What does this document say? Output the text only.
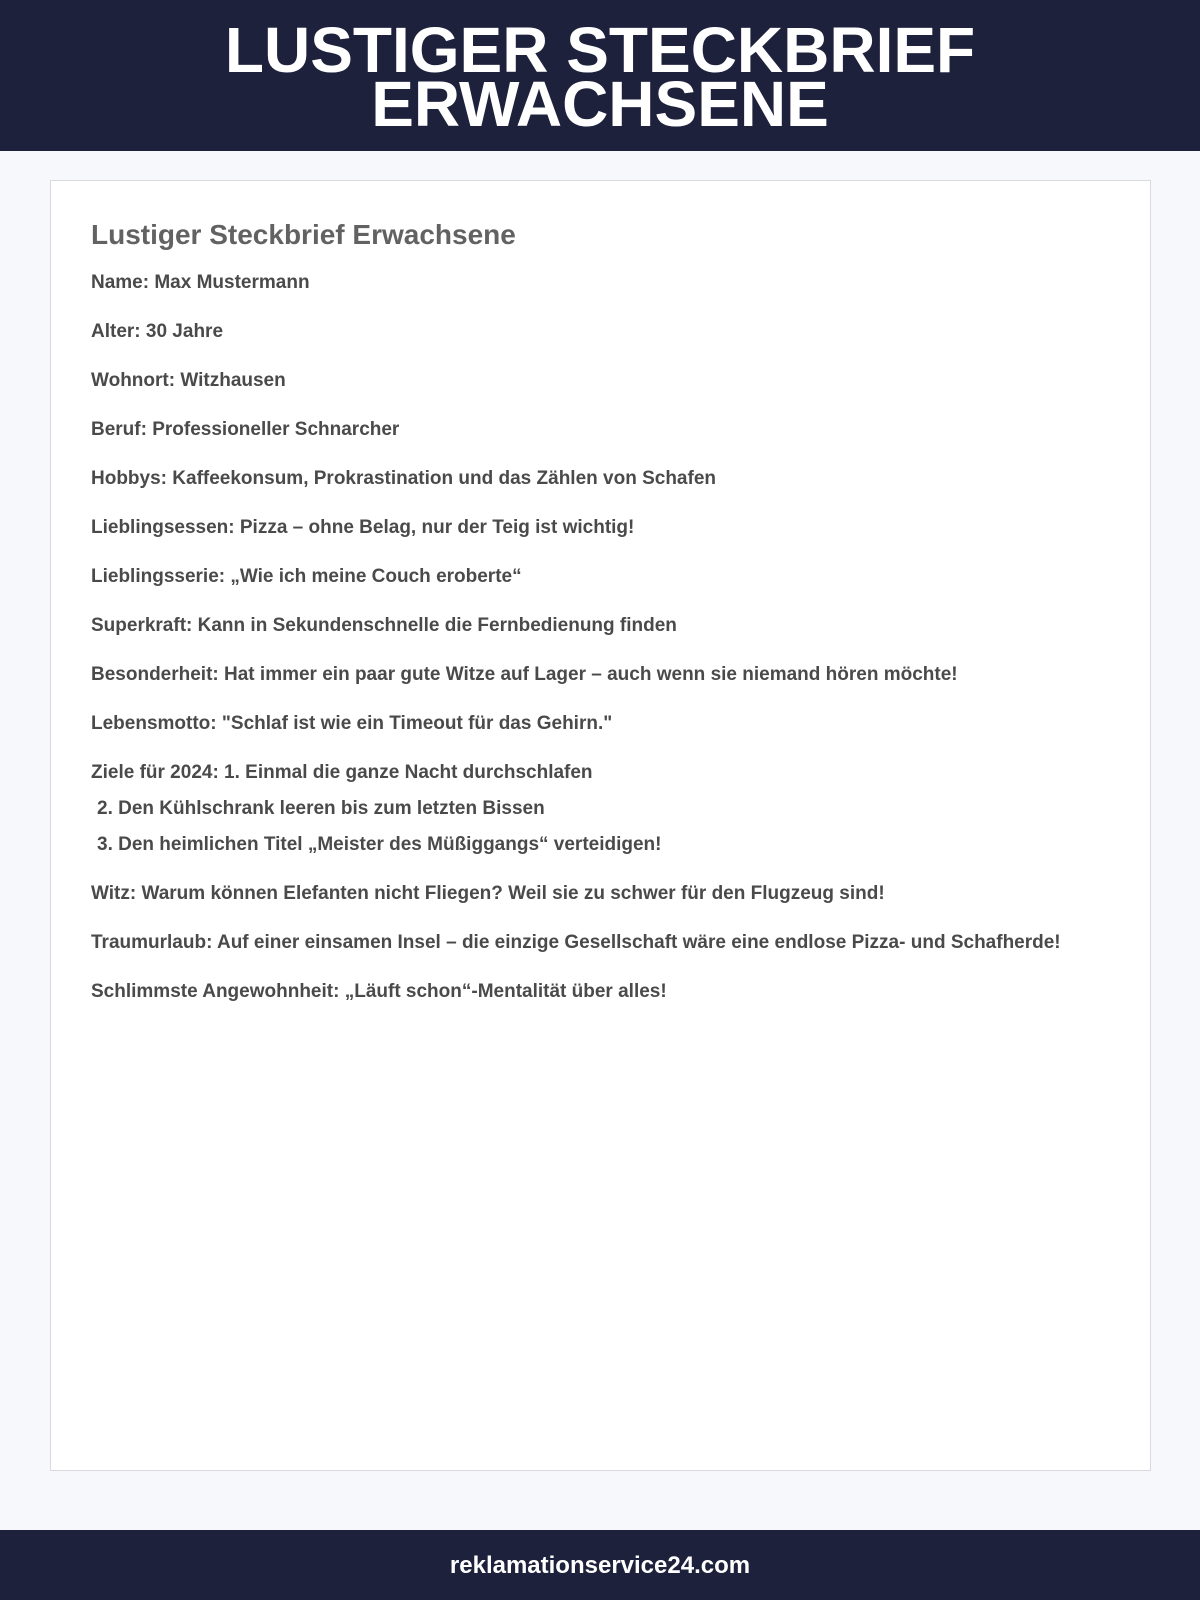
LUSTIGER STECKBRIEF
ERWACHSENE
Lustiger Steckbrief Erwachsene

Name: Max Mustermann

Alter: 30 Jahre

Wohnort: Witzhausen

Beruf: Professioneller Schnarcher

Hobbys: Kaffeekonsum, Prokrastination und das Zählen von Schafen

Lieblingsessen: Pizza – ohne Belag, nur der Teig ist wichtig!

Lieblingsserie: „Wie ich meine Couch eroberte“

Superkraft: Kann in Sekundenschnelle die Fernbedienung finden

Besonderheit: Hat immer ein paar gute Witze auf Lager – auch wenn sie niemand hören möchte!

Lebensmotto: "Schlaf ist wie ein Timeout für das Gehirn."

Ziele für 2024: 1. Einmal die ganze Nacht durchschlafen

2. Den Kühlschrank leeren bis zum letzten Bissen

3. Den heimlichen Titel „Meister des Müßiggangs“ verteidigen!

Witz: Warum können Elefanten nicht Fliegen? Weil sie zu schwer für den Flugzeug sind!

Traumurlaub: Auf einer einsamen Insel – die einzige Gesellschaft wäre eine endlose Pizza- und Schafherde!

Schlimmste Angewohnheit: „Läuft schon“-Mentalität über alles!

reklamationservice24.com
